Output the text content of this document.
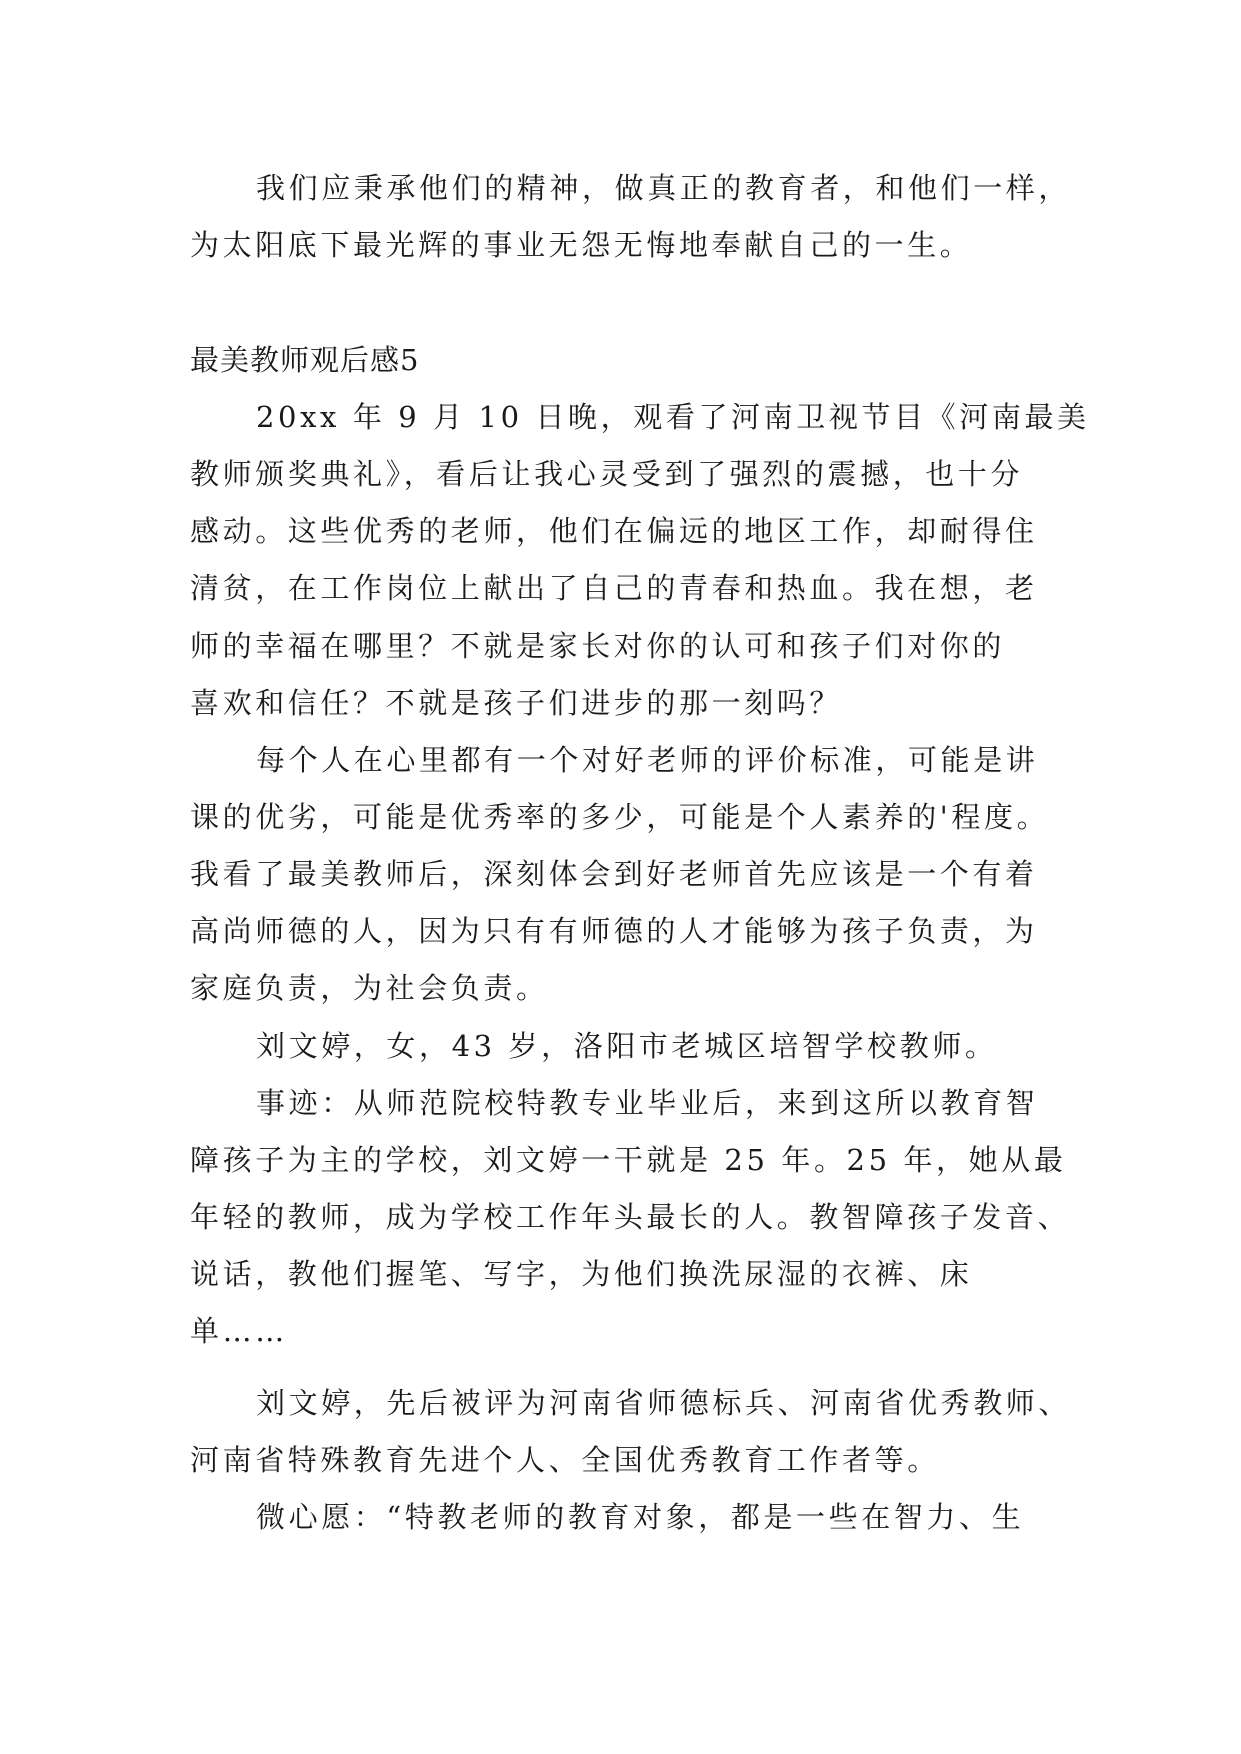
我们应秉承他们的精神，做真正的教育者，和他们一样，
为太阳底下最光辉的事业无怨无悔地奉献自己的一生。
最美教师观后感5
20xx 年 9 月 10 日晚，观看了河南卫视节目《河南最美
教师颁奖典礼》，看后让我心灵受到了强烈的震撼，也十分
感动。这些优秀的老师，他们在偏远的地区工作，却耐得住
清贫，在工作岗位上献出了自己的青春和热血。我在想，老
师的幸福在哪里？不就是家长对你的认可和孩子们对你的
喜欢和信任？不就是孩子们进步的那一刻吗？
每个人在心里都有一个对好老师的评价标准，可能是讲
课的优劣，可能是优秀率的多少，可能是个人素养的'程度。
我看了最美教师后，深刻体会到好老师首先应该是一个有着
高尚师德的人，因为只有有师德的人才能够为孩子负责，为
家庭负责，为社会负责。
刘文婷，女，43 岁，洛阳市老城区培智学校教师。
事迹：从师范院校特教专业毕业后，来到这所以教育智
障孩子为主的学校，刘文婷一干就是 25 年。25 年，她从最
年轻的教师，成为学校工作年头最长的人。教智障孩子发音、
说话，教他们握笔、写字，为他们换洗尿湿的衣裤、床
单……
刘文婷，先后被评为河南省师德标兵、河南省优秀教师、
河南省特殊教育先进个人、全国优秀教育工作者等。
微心愿：“特教老师的教育对象，都是一些在智力、生
